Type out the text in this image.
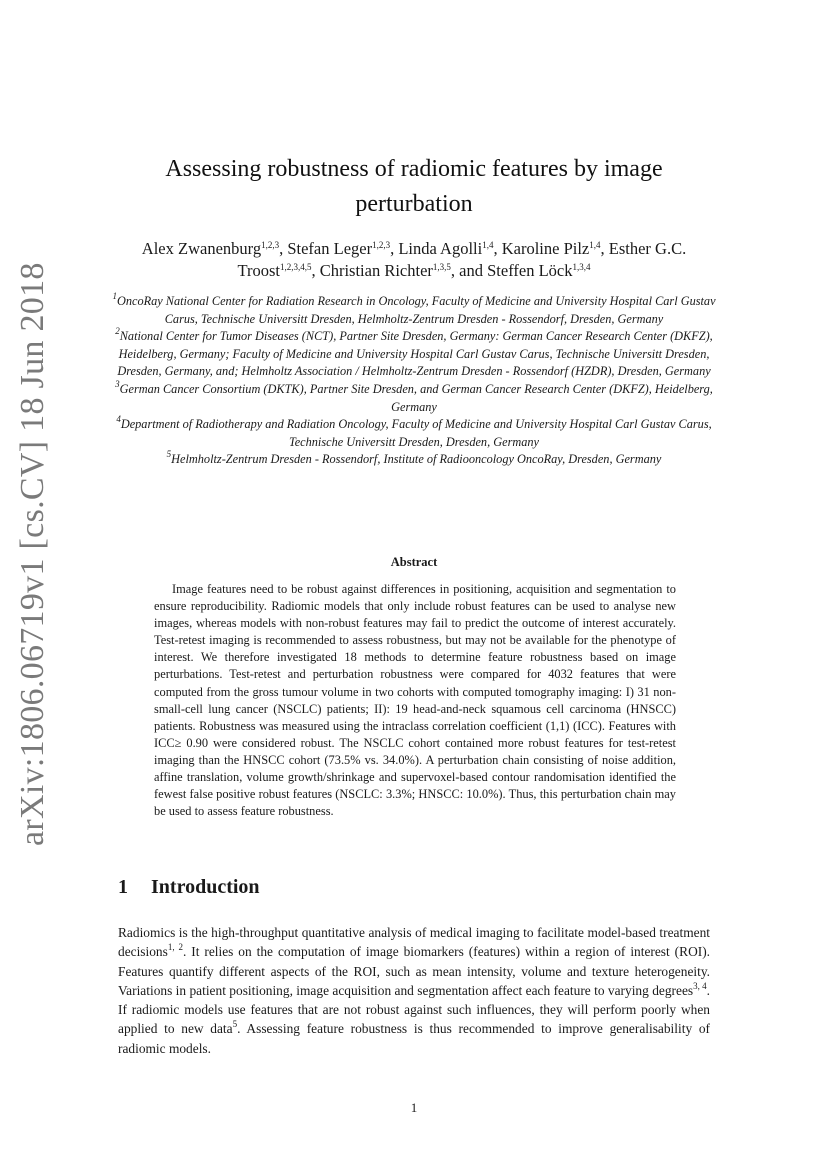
arXiv:1806.06719v1 [cs.CV] 18 Jun 2018
Assessing robustness of radiomic features by image perturbation
Alex Zwanenburg$^{1,2,3}$, Stefan Leger$^{1,2,3}$, Linda Agolli$^{1,4}$, Karoline Pilz$^{1,4}$, Esther G.C. Troost$^{1,2,3,4,5}$, Christian Richter$^{1,3,5}$, and Steffen Löck$^{1,3,4}$

$^1$OncoRay National Center for Radiation Research in Oncology, Faculty of Medicine and University Hospital Carl Gustav Carus, Technische Universitt Dresden, Helmholtz-Zentrum Dresden - Rossendorf, Dresden, Germany

$^2$National Center for Tumor Diseases (NCT), Partner Site Dresden, Germany: German Cancer Research Center (DKFZ), Heidelberg, Germany; Faculty of Medicine and University Hospital Carl Gustav Carus, Technische Universitt Dresden, Dresden, Germany, and; Helmholtz Association / Helmholtz-Zentrum Dresden - Rossendorf (HZDR), Dresden, Germany

$^3$German Cancer Consortium (DKTK), Partner Site Dresden, and German Cancer Research Center (DKFZ), Heidelberg, Germany

$^4$Department of Radiotherapy and Radiation Oncology, Faculty of Medicine and University Hospital Carl Gustav Carus, Technische Universitt Dresden, Dresden, Germany

$^5$Helmholtz-Zentrum Dresden - Rossendorf, Institute of Radiooncology OncoRay, Dresden, Germany

Abstract

Image features need to be robust against differences in positioning, acquisition and segmentation to ensure reproducibility. Radiomic models that only include robust features can be used to analyse new images, whereas models with non-robust features may fail to predict the outcome of interest accurately. Test-retest imaging is recommended to assess robustness, but may not be available for the phenotype of interest. We therefore investigated 18 methods to determine feature robustness based on image perturbations. Test-retest and perturbation robustness were compared for 4032 features that were computed from the gross tumour volume in two cohorts with computed tomography imaging: I) 31 non-small-cell lung cancer (NSCLC) patients; II): 19 head-and-neck squamous cell carcinoma (HNSCC) patients. Robustness was measured using the intraclass correlation coefficient (1,1) (ICC). Features with ICC≥ 0.90 were considered robust. The NSCLC cohort contained more robust features for test-retest imaging than the HNSCC cohort (73.5% vs. 34.0%). A perturbation chain consisting of noise addition, affine translation, volume growth/shrinkage and supervoxel-based contour randomisation identified the fewest false positive robust features (NSCLC: 3.3%; HNSCC: 10.0%). Thus, this perturbation chain may be used to assess feature robustness.

1 Introduction

Radiomics is the high-throughput quantitative analysis of medical imaging to facilitate model-based treatment decisions$^{1, 2}$. It relies on the computation of image biomarkers (features) within a region of interest (ROI). Features quantify different aspects of the ROI, such as mean intensity, volume and texture heterogeneity. Variations in patient positioning, image acquisition and segmentation affect each feature to varying degrees$^{3, 4}$. If radiomic models use features that are not robust against such influences, they will perform poorly when applied to new data$^5$. Assessing feature robustness is thus recommended to improve generalisability of radiomic models.

1
